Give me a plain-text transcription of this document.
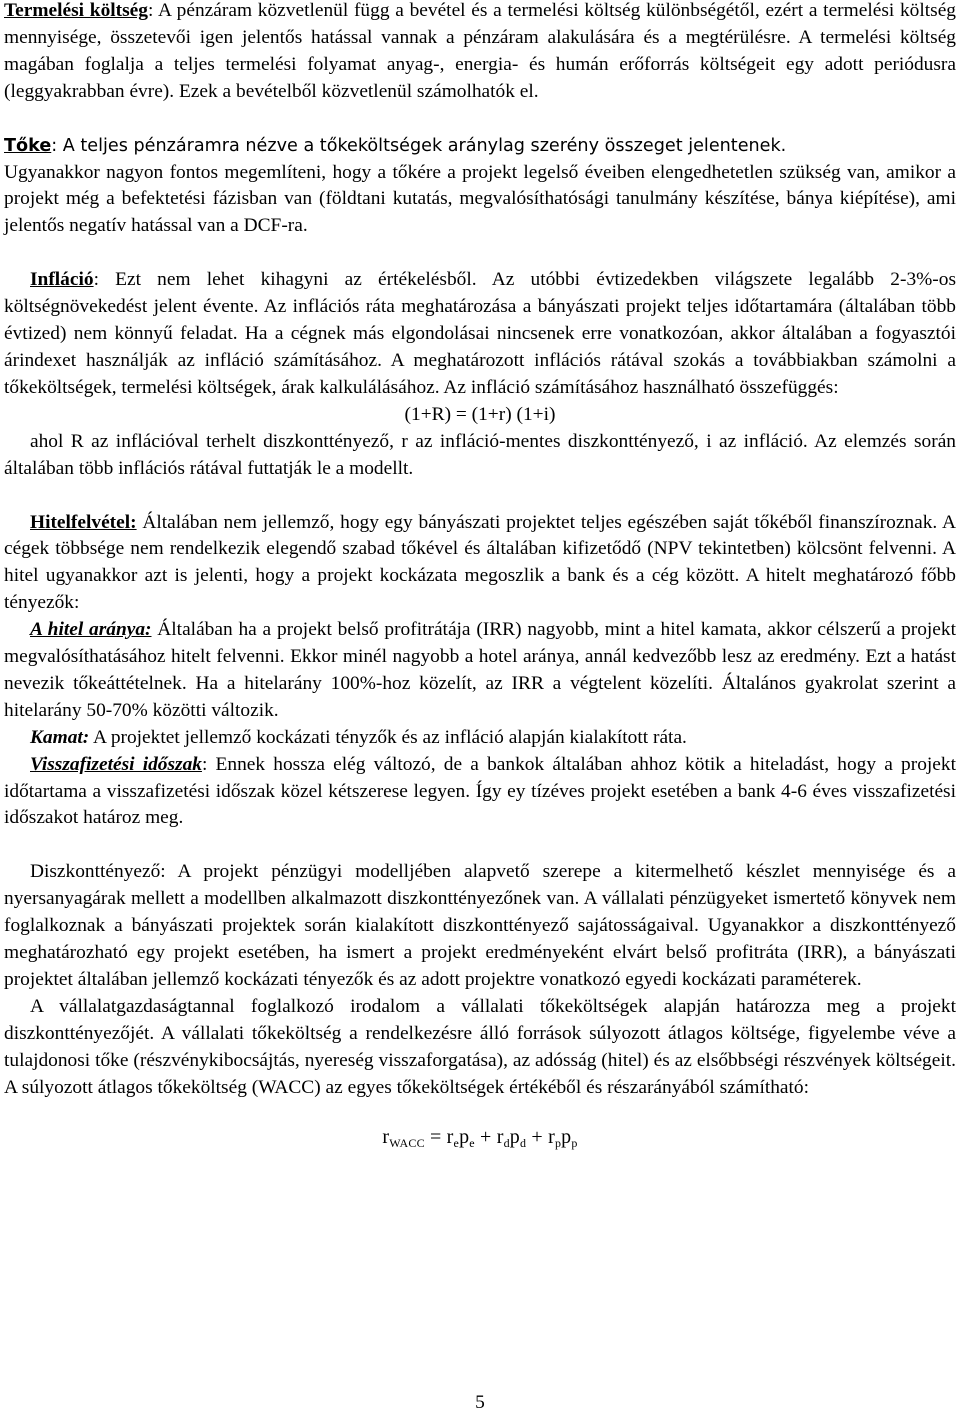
Termelési költség: A pénzáram közvetlenül függ a bevétel és a termelési költség különbségétől, ezért a termelési költség mennyisége, összetevői igen jelentős hatással vannak a pénzáram alakulására és a megtérülésre. A termelési költség magában foglalja a teljes termelési folyamat anyag-, energia- és humán erőforrás költségeit egy adott periódusra (leggyakrabban évre). Ezek a bevételből közvetlenül számolhatók el.

Tőke: A teljes pénzáramra nézve a tőkeköltségek aránylag szerény összeget jelentenek.

Ugyanakkor nagyon fontos megemlíteni, hogy a tőkére a projekt legelső éveiben elengedhetetlen szükség van, amikor a projekt még a befektetési fázisban van (földtani kutatás, megvalósíthatósági tanulmány készítése, bánya kiépítése), ami jelentős negatív hatással van a DCF-ra.

Infláció: Ezt nem lehet kihagyni az értékelésből. Az utóbbi évtizedekben világszete legalább 2-3%-os költségnövekedést jelent évente. Az inflációs ráta meghatározása a bányászati projekt teljes időtartamára (általában több évtized) nem könnyű feladat. Ha a cégnek más elgondolásai nincsenek erre vonatkozóan, akkor általában a fogyasztói árindexet használják az infláció számításához. A meghatározott inflációs rátával szokás a továbbiakban számolni a tőkeköltségek, termelési költségek, árak kalkulálásához. Az infláció számításához használható összefüggés:

(1+R) = (1+r) (1+i)

ahol R az inflációval terhelt diszkonttényező, r az infláció-mentes diszkonttényező, i az infláció. Az elemzés során általában több inflációs rátával futtatják le a modellt.

Hitelfelvétel: Általában nem jellemző, hogy egy bányászati projektet teljes egészében saját tőkéből finanszíroznak. A cégek többsége nem rendelkezik elegendő szabad tőkével és általában kifizetődő (NPV tekintetben) kölcsönt felvenni. A hitel ugyanakkor azt is jelenti, hogy a projekt kockázata megoszlik a bank és a cég között. A hitelt meghatározó főbb tényezők:

A hitel aránya: Általában ha a projekt belső profitrátája (IRR) nagyobb, mint a hitel kamata, akkor célszerű a projekt megvalósíthatásához hitelt felvenni. Ekkor minél nagyobb a hotel aránya, annál kedvezőbb lesz az eredmény. Ezt a hatást nevezik tőkeáttételnek. Ha a hitelarány 100%-hoz közelít, az IRR a végtelent közelíti. Általános gyakrolat szerint a hitelarány 50-70% közötti változik.

Kamat: A projektet jellemző kockázati tényzők és az infláció alapján kialakított ráta.

Visszafizetési időszak: Ennek hossza elég változó, de a bankok általában ahhoz kötik a hiteladást, hogy a projekt időtartama a visszafizetési időszak közel kétszerese legyen. Így ey tízéves projekt esetében a bank 4-6 éves visszafizetési időszakot határoz meg.

Diszkonttényező: A projekt pénzügyi modelljében alapvető szerepe a kitermelhető készlet mennyisége és a nyersanyagárak mellett a modellben alkalmazott diszkonttényezőnek van. A vállalati pénzügyeket ismertető könyvek nem foglalkoznak a bányászati projektek során kialakított diszkonttényező sajátosságaival. Ugyanakkor a diszkonttényező meghatározható egy projekt esetében, ha ismert a projekt eredményeként elvárt belső profitráta (IRR), a bányászati projektet általában jellemző kockázati tényezők és az adott projektre vonatkozó egyedi kockázati paraméterek.

A vállalatgazdaságtannal foglalkozó irodalom a vállalati tőkeköltségek alapján határozza meg a projekt diszkonttényezőjét. A vállalati tőkeköltség a rendelkezésre álló források súlyozott átlagos költsége, figyelembe véve a tulajdonosi tőke (részvénykibocsájtás, nyereség visszaforgatása), az adósság (hitel) és az elsőbbségi részvények költségeit. A súlyozott átlagos tőkeköltség (WACC) az egyes tőkeköltségek értékéből és részarányából számítható:

$r_{WACC} = r_ep_e + r_dp_d + r_pp_p$

5
